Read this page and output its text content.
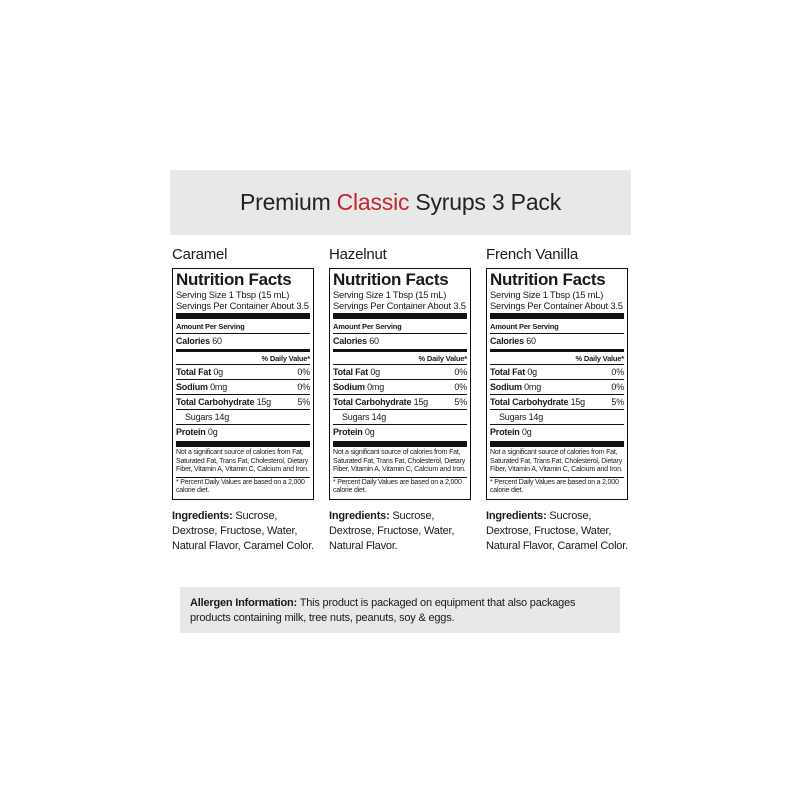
Premium Classic Syrups 3 Pack
Caramel
Nutrition Facts
Serving Size 1 Tbsp (15 mL)
Servings Per Container About 3.5
Amount Per Serving
Calories 60
% Daily Value*
Total Fat 0g	0%
Sodium 0mg	0%
Total Carbohydrate 15g	5%
Sugars 14g
Protein 0g
Not a significant source of calories from Fat, Saturated Fat, Trans Fat, Cholesterol, Dietary Fiber, Vitamin A, Vitamin C, Calcium and Iron.
* Percent Daily Values are based on a 2,000 calorie diet.
Ingredients: Sucrose, Dextrose, Fructose, Water, Natural Flavor, Caramel Color.
Hazelnut
Nutrition Facts
Serving Size 1 Tbsp (15 mL)
Servings Per Container About 3.5
Amount Per Serving
Calories 60
% Daily Value*
Total Fat 0g	0%
Sodium 0mg	0%
Total Carbohydrate 15g	5%
Sugars 14g
Protein 0g
Not a significant source of calories from Fat, Saturated Fat, Trans Fat, Cholesterol, Dietary Fiber, Vitamin A, Vitamin C, Calcium and Iron.
* Percent Daily Values are based on a 2,000 calorie diet.
Ingredients: Sucrose, Dextrose, Fructose, Water, Natural Flavor.
French Vanilla
Nutrition Facts
Serving Size 1 Tbsp (15 mL)
Servings Per Container About 3.5
Amount Per Serving
Calories 60
% Daily Value*
Total Fat 0g	0%
Sodium 0mg	0%
Total Carbohydrate 15g	5%
Sugars 14g
Protein 0g
Not a significant source of calories from Fat, Saturated Fat, Trans Fat, Cholesterol, Dietary Fiber, Vitamin A, Vitamin C, Calcium and Iron.
* Percent Daily Values are based on a 2,000 calorie diet.
Ingredients: Sucrose, Dextrose, Fructose, Water, Natural Flavor, Caramel Color.
Allergen Information: This product is packaged on equipment that also packages products containing milk, tree nuts, peanuts, soy & eggs.
